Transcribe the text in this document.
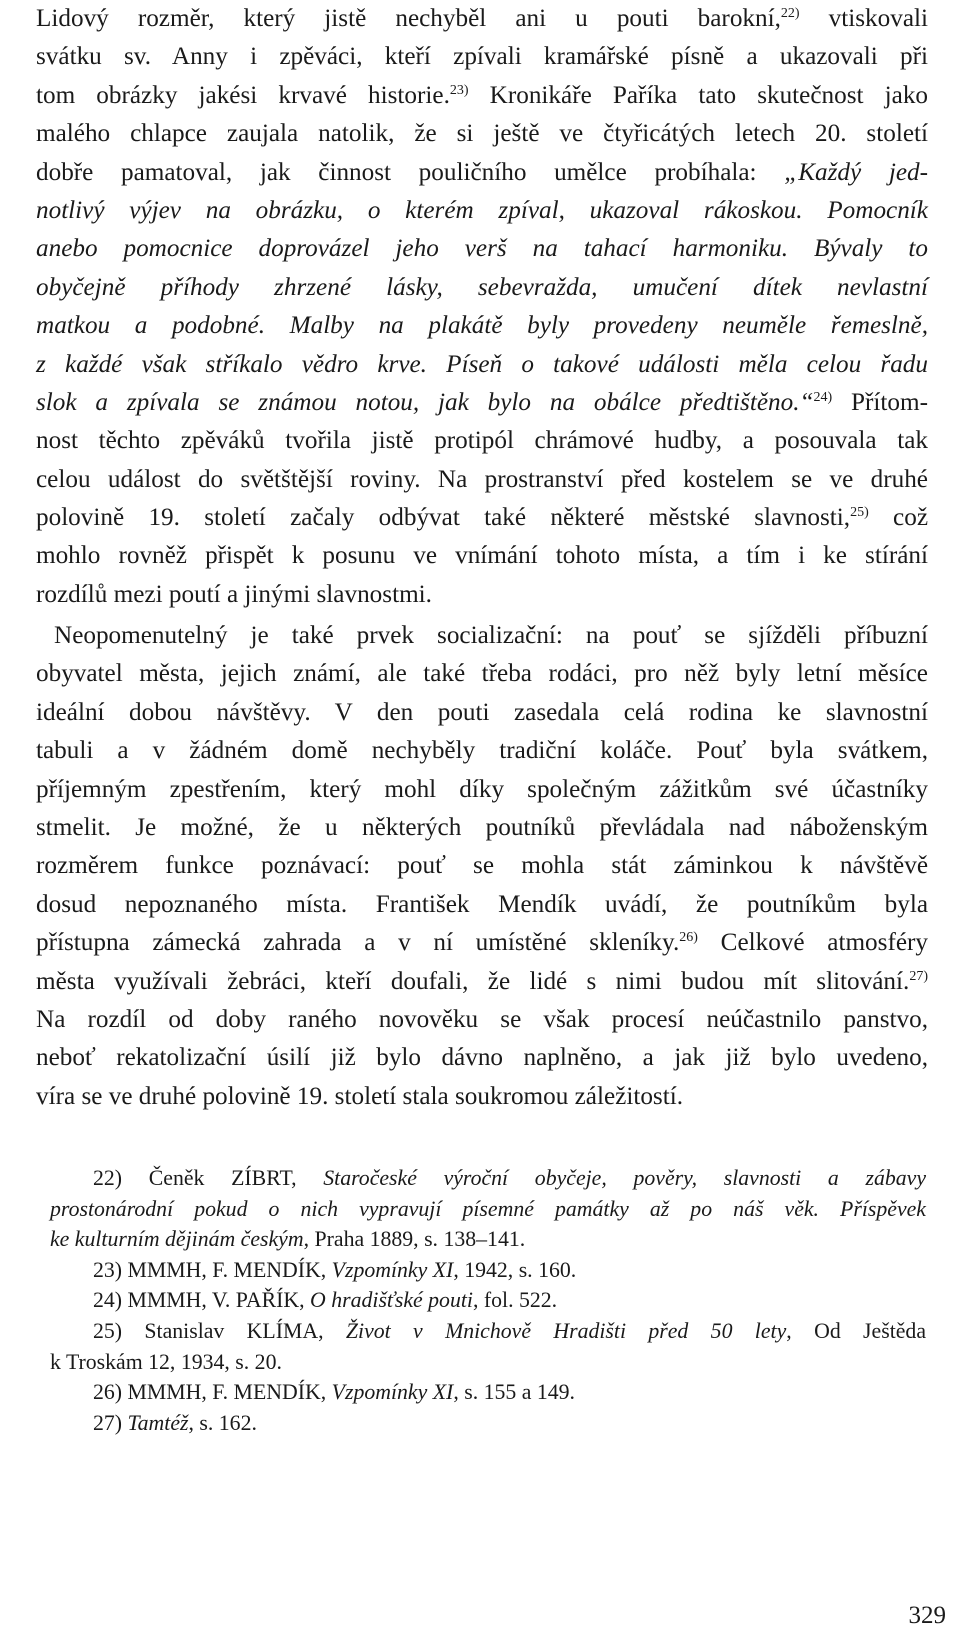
Lidový rozměr, který jistě nechyběl ani u pouti barokní,$^{22)}$ vtiskovali
svátku sv. Anny i zpěváci, kteří zpívali kramářské písně a ukazovali při
tom obrázky jakési krvavé historie.$^{23)}$ Kronikáře Paříka tato skutečnost jako
malého chlapce zaujala natolik, že si ještě ve čtyřicátých letech 20. století
dobře pamatoval, jak činnost pouličního umělce probíhala: „Každý jed-
notlivý výjev na obrázku, o kterém zpíval, ukazoval rákoskou. Pomocník
anebo pomocnice doprovázel jeho verš na tahací harmoniku. Bývaly to
obyčejně příhody zhrzené lásky, sebevražda, umučení dítek nevlastní
matkou a podobné. Malby na plakátě byly provedeny neuměle řemeslně,
z každé však stříkalo vědro krve. Píseň o takové události měla celou řadu
slok a zpívala se známou notou, jak bylo na obálce předtištěno.“$^{24)}$ Přítom-
nost těchto zpěváků tvořila jistě protipól chrámové hudby, a posouvala tak
celou událost do světštější roviny. Na prostranství před kostelem se ve druhé
polovině 19. století začaly odbývat také některé městské slavnosti,$^{25)}$ což
mohlo rovněž přispět k posunu ve vnímání tohoto místa, a tím i ke stírání
rozdílů mezi poutí a jinými slavnostmi.
Neopomenutelný je také prvek socializační: na pouť se sjížděli příbuzní
obyvatel města, jejich známí, ale také třeba rodáci, pro něž byly letní měsíce
ideální dobou návštěvy. V den pouti zasedala celá rodina ke slavnostní
tabuli a v žádném domě nechyběly tradiční koláče. Pouť byla svátkem,
příjemným zpestřením, který mohl díky společným zážitkům své účastníky
stmelit. Je možné, že u některých poutníků převládala nad náboženským
rozměrem funkce poznávací: pouť se mohla stát záminkou k návštěvě
dosud nepoznaného místa. František Mendík uvádí, že poutníkům byla
přístupna zámecká zahrada a v ní umístěné skleníky.$^{26)}$ Celkové atmosféry
města využívali žebráci, kteří doufali, že lidé s nimi budou mít slitování.$^{27)}$
Na rozdíl od doby raného novověku se však procesí neúčastnilo panstvo,
neboť rekatolizační úsilí již bylo dávno naplněno, a jak již bylo uvedeno,
víra se ve druhé polovině 19. století stala soukromou záležitostí.
22) Čeněk ZÍBRT, Staročeské výroční obyčeje, pověry, slavnosti a zábavy
prostonárodní pokud o nich vypravují písemné památky až po náš věk. Příspěvek
ke kulturním dějinám českým, Praha 1889, s. 138–141.
23) MMMH, F. MENDÍK, Vzpomínky XI, 1942, s. 160.
24) MMMH, V. PAŘÍK, O hradišťské pouti, fol. 522.
25) Stanislav KLÍMA, Život v Mnichově Hradišti před 50 lety, Od Ještěda
k Troskám 12, 1934, s. 20.
26) MMMH, F. MENDÍK, Vzpomínky XI, s. 155 a 149.
27) Tamtéž, s. 162.
329
